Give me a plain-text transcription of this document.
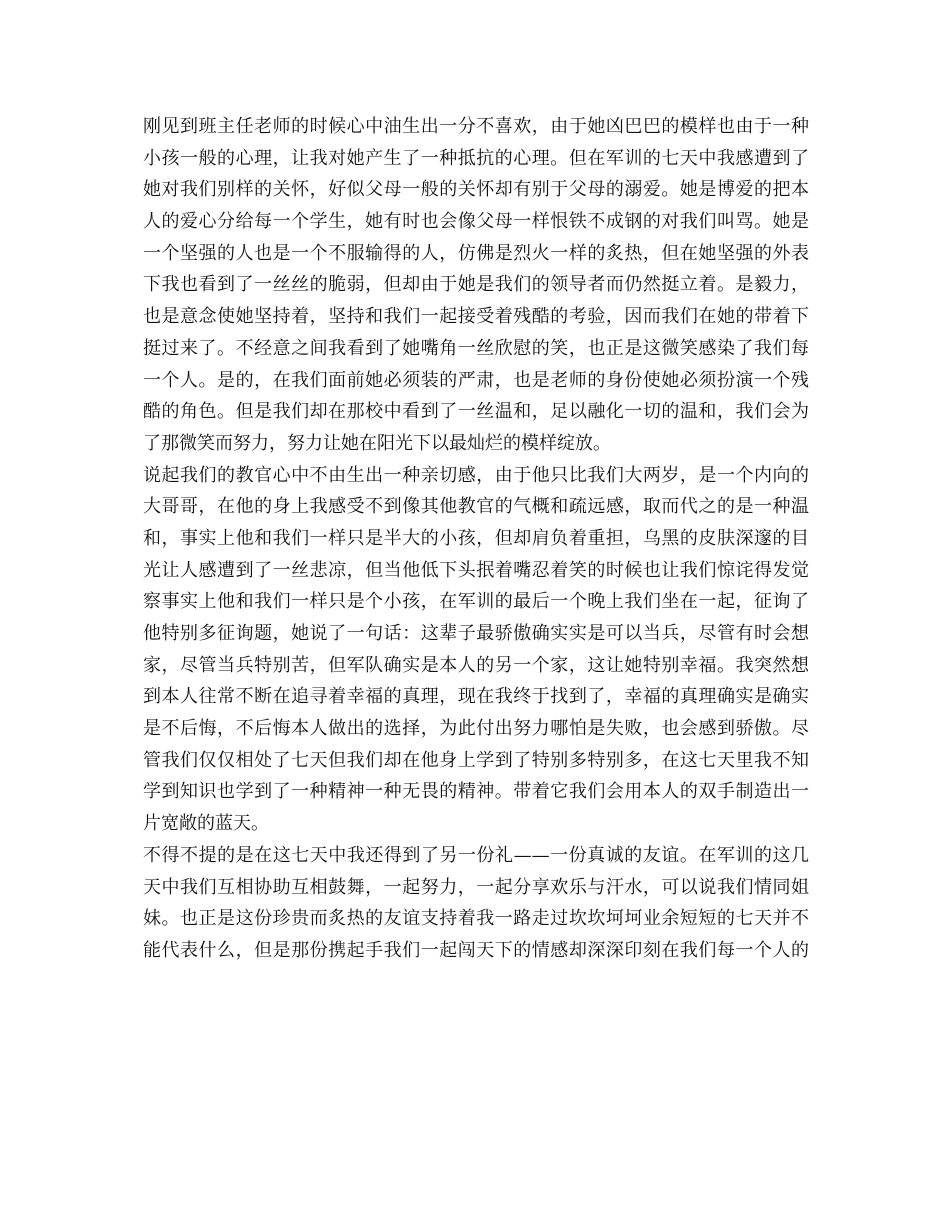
刚见到班主任老师的时候心中油生出一分不喜欢，由于她凶巴巴的模样也由于一种
小孩一般的心理，让我对她产生了一种抵抗的心理。但在军训的七天中我感遭到了
她对我们别样的关怀，好似父母一般的关怀却有别于父母的溺爱。她是博爱的把本
人的爱心分给每一个学生，她有时也会像父母一样恨铁不成钢的对我们叫骂。她是
一个坚强的人也是一个不服输得的人，仿佛是烈火一样的炙热，但在她坚强的外表
下我也看到了一丝丝的脆弱，但却由于她是我们的领导者而仍然挺立着。是毅力，
也是意念使她坚持着，坚持和我们一起接受着残酷的考验，因而我们在她的带着下
挺过来了。不经意之间我看到了她嘴角一丝欣慰的笑，也正是这微笑感染了我们每
一个人。是的，在我们面前她必须装的严肃，也是老师的身份使她必须扮演一个残
酷的角色。但是我们却在那校中看到了一丝温和，足以融化一切的温和，我们会为
了那微笑而努力，努力让她在阳光下以最灿烂的模样绽放。
说起我们的教官心中不由生出一种亲切感，由于他只比我们大两岁，是一个内向的
大哥哥，在他的身上我感受不到像其他教官的气概和疏远感，取而代之的是一种温
和，事实上他和我们一样只是半大的小孩，但却肩负着重担，乌黑的皮肤深邃的目
光让人感遭到了一丝悲凉，但当他低下头抿着嘴忍着笑的时候也让我们惊诧得发觉
察事实上他和我们一样只是个小孩，在军训的最后一个晚上我们坐在一起，征询了
他特别多征询题，她说了一句话：这辈子最骄傲确实实是可以当兵，尽管有时会想
家，尽管当兵特别苦，但军队确实是本人的另一个家，这让她特别幸福。我突然想
到本人往常不断在追寻着幸福的真理，现在我终于找到了，幸福的真理确实是确实
是不后悔，不后悔本人做出的选择，为此付出努力哪怕是失败，也会感到骄傲。尽
管我们仅仅相处了七天但我们却在他身上学到了特别多特别多，在这七天里我不知
学到知识也学到了一种精神一种无畏的精神。带着它我们会用本人的双手制造出一
片宽敞的蓝天。
不得不提的是在这七天中我还得到了另一份礼——一份真诚的友谊。在军训的这几
天中我们互相协助互相鼓舞，一起努力，一起分享欢乐与汗水，可以说我们情同姐
妹。也正是这份珍贵而炙热的友谊支持着我一路走过坎坎坷坷业余短短的七天并不
能代表什么，但是那份携起手我们一起闯天下的情感却深深印刻在我们每一个人的
